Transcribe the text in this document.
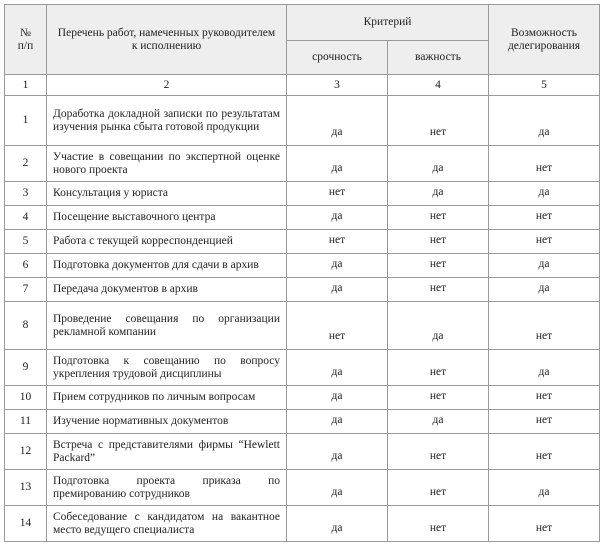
№
п/п	Перечень работ, намеченных руководителем к исполнению	Критерий		Возможность делегирования
		срочность	важность	
1	2	3	4	5
1	Доработка докладной записки по результатам изучения рынка сбыта готовой продукции	да	нет	да
2	Участие в совещании по экспертной оценке нового проекта	да	да	нет
3	Консультация у юриста	нет	да	да
4	Посещение выставочного центра	да	нет	нет
5	Работа с текущей корреспонденцией	нет	нет	нет
6	Подготовка документов для сдачи в архив	да	нет	да
7	Передача документов в архив	да	нет	да
8	Проведение совещания по организации рекламной компании	нет	да	нет
9	Подготовка к совещанию по вопросу укрепления трудовой дисциплины	да	нет	да
10	Прием сотрудников по личным вопросам	да	нет	нет
11	Изучение нормативных документов	да	да	нет
12	Встреча с представителями фирмы “Hewlett Packard”	да	нет	нет
13	Подготовка проекта приказа по премированию сотрудников	да	нет	да
14	Собеседование с кандидатом на вакантное место ведущего специалиста	да	нет	нет
